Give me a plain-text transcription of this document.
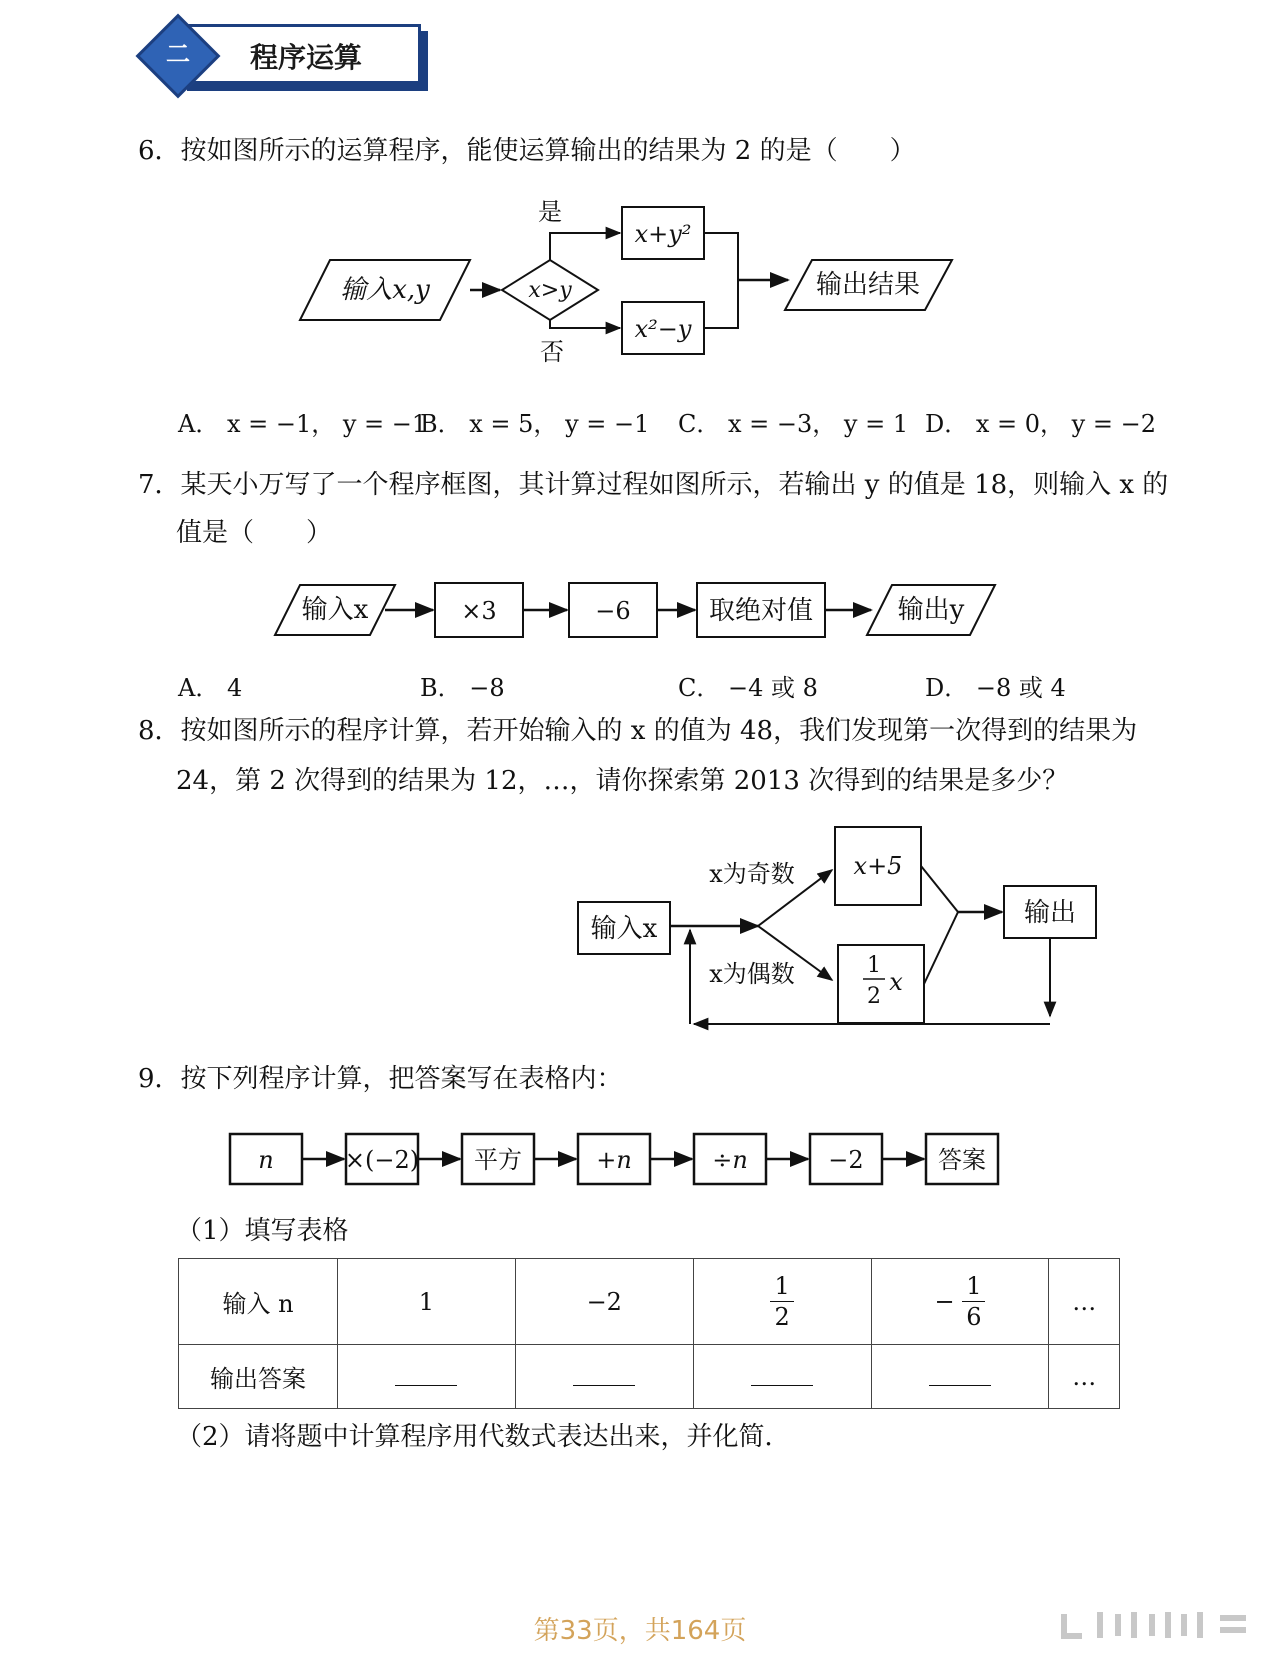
二	程序运算
6．按如图所示的运算程序，能使运算输出的结果为 2 的是（　　）
输入x,y	x>y
是
否
x+y²
x²−y
输出结果
A． x = −1， y = −1
B． x = 5， y = −1 C． x = −3， y = 1 D． x = 0， y = −2
7．某天小万写了一个程序框图，其计算过程如图所示，若输出 y 的值是 18，则输入 x 的
值是（　　）
输入x	×3	−6	取绝对值	输出y
A． 4	B． −8	C． −4 或 8	D． −8 或 4
8．按如图所示的程序计算，若开始输入的 x 的值为 48，我们发现第一次得到的结果为
24，第 2 次得到的结果为 12，…，请你探索第 2013 次得到的结果是多少？
输入x
x为奇数
x为偶数
x+5
1
2
x
输出
9．按下列程序计算，把答案写在表格内：
n	×(−2) 平方	+n	÷n	−2	答案
（1）填写表格
输入 n	1	−2	$\frac{1}{2}$	− $\frac{1}{6}$	…
输出答案					…
（2）请将题中计算程序用代数式表达出来，并化简．
第33页，共164页
